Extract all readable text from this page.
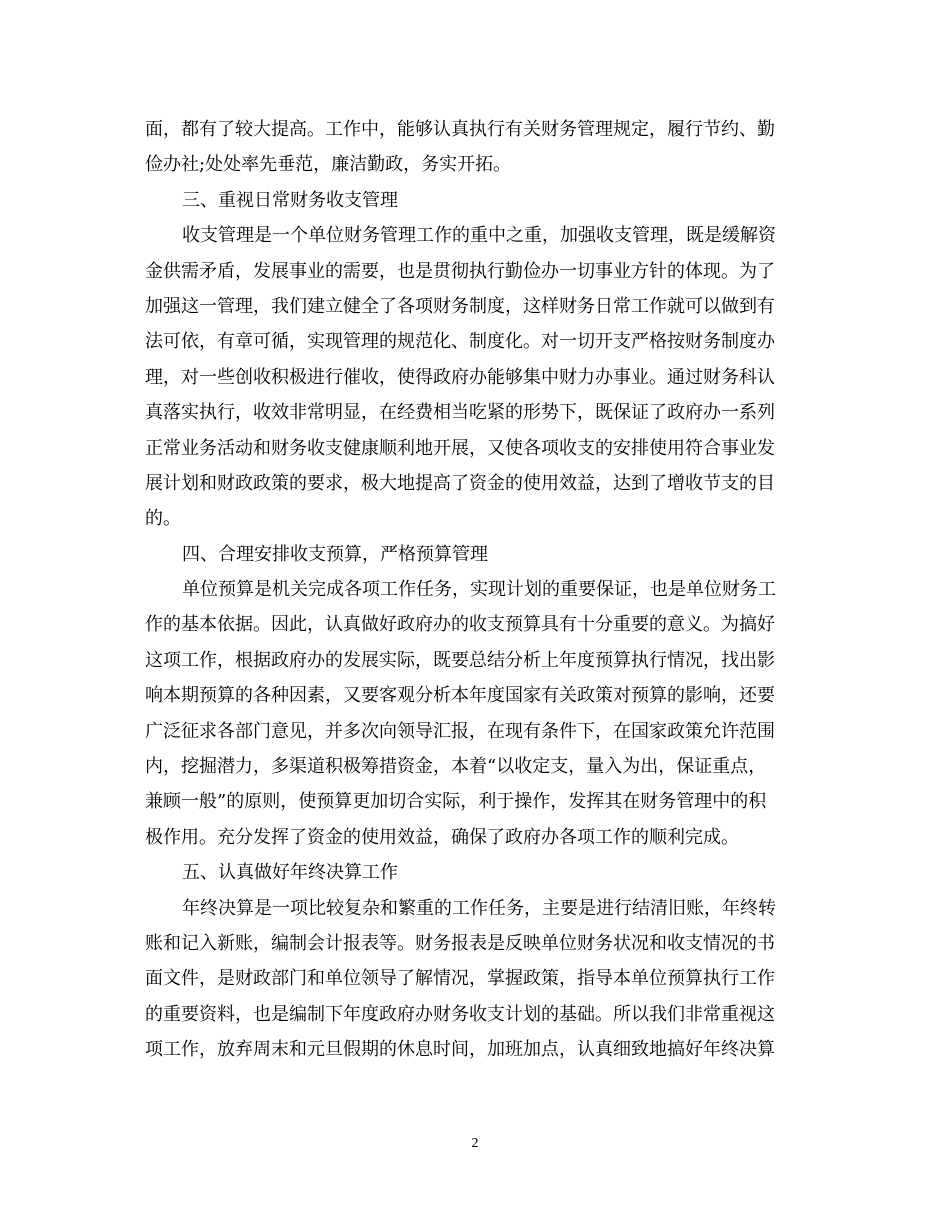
面，都有了较大提高。工作中，能够认真执行有关财务管理规定，履行节约、勤
俭办社;处处率先垂范，廉洁勤政，务实开拓。
三、重视日常财务收支管理
收支管理是一个单位财务管理工作的重中之重，加强收支管理，既是缓解资
金供需矛盾，发展事业的需要，也是贯彻执行勤俭办一切事业方针的体现。为了
加强这一管理，我们建立健全了各项财务制度，这样财务日常工作就可以做到有
法可依，有章可循，实现管理的规范化、制度化。对一切开支严格按财务制度办
理，对一些创收积极进行催收，使得政府办能够集中财力办事业。通过财务科认
真落实执行，收效非常明显，在经费相当吃紧的形势下，既保证了政府办一系列
正常业务活动和财务收支健康顺利地开展，又使各项收支的安排使用符合事业发
展计划和财政政策的要求，极大地提高了资金的使用效益，达到了增收节支的目
的。
四、合理安排收支预算，严格预算管理
单位预算是机关完成各项工作任务，实现计划的重要保证，也是单位财务工
作的基本依据。因此，认真做好政府办的收支预算具有十分重要的意义。为搞好
这项工作，根据政府办的发展实际，既要总结分析上年度预算执行情况，找出影
响本期预算的各种因素，又要客观分析本年度国家有关政策对预算的影响，还要
广泛征求各部门意见，并多次向领导汇报，在现有条件下，在国家政策允许范围
内，挖掘潜力，多渠道积极筹措资金，本着“以收定支，量入为出，保证重点，
兼顾一般”的原则，使预算更加切合实际，利于操作，发挥其在财务管理中的积
极作用。充分发挥了资金的使用效益，确保了政府办各项工作的顺利完成。
五、认真做好年终决算工作
年终决算是一项比较复杂和繁重的工作任务，主要是进行结清旧账，年终转
账和记入新账，编制会计报表等。财务报表是反映单位财务状况和收支情况的书
面文件，是财政部门和单位领导了解情况，掌握政策，指导本单位预算执行工作
的重要资料，也是编制下年度政府办财务收支计划的基础。所以我们非常重视这
项工作，放弃周末和元旦假期的休息时间，加班加点，认真细致地搞好年终决算
2
